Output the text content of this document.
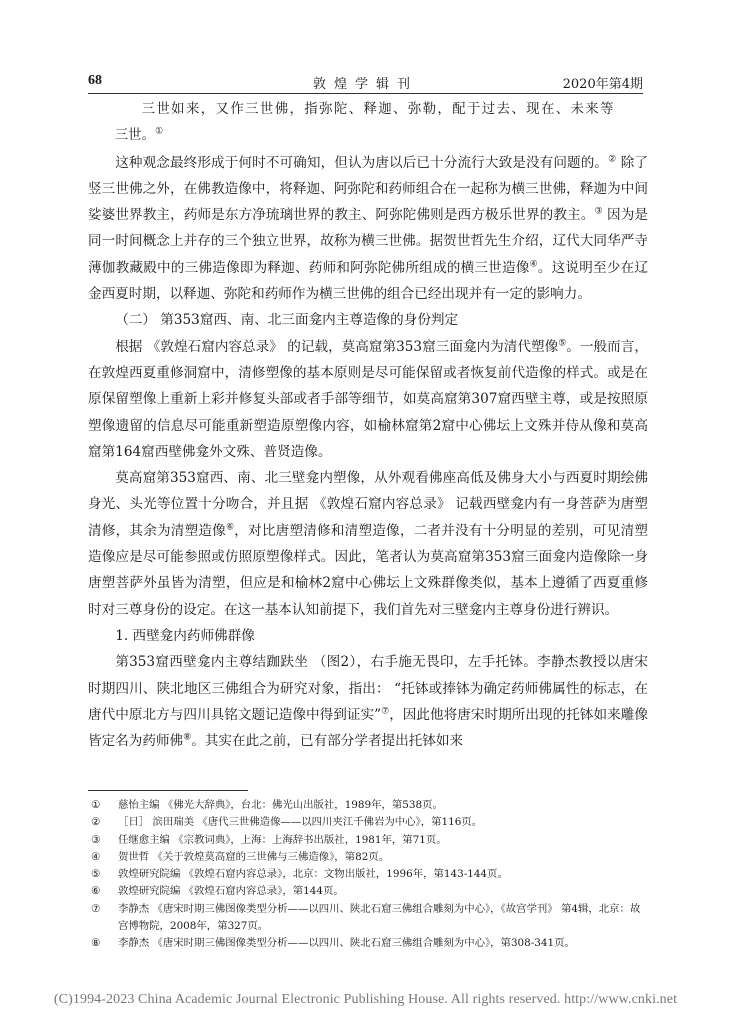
68	敦煌学辑刊	2020年第4期

三世如来，又作三世佛，指弥陀、释迦、弥勒，配于过去、现在、未来等

三世。①

这种观念最终形成于何时不可确知，但认为唐以后已十分流行大致是没有问题的。② 除了竖三世佛之外，在佛教造像中，将释迦、阿弥陀和药师组合在一起称为横三世佛，释迦为中间娑婆世界教主，药师是东方净琉璃世界的教主、阿弥陀佛则是西方极乐世界的教主。③ 因为是同一时间概念上并存的三个独立世界，故称为横三世佛。据贺世哲先生介绍，辽代大同华严寺薄伽教藏殿中的三佛造像即为释迦、药师和阿弥陀佛所组成的横三世造像④。这说明至少在辽金西夏时期，以释迦、弥陀和药师作为横三世佛的组合已经出现并有一定的影响力。

（二） 第353窟西、南、北三面龛内主尊造像的身份判定

根据 《敦煌石窟内容总录》 的记载，莫高窟第353窟三面龛内为清代塑像⑤。一般而言，在敦煌西夏重修洞窟中，清修塑像的基本原则是尽可能保留或者恢复前代造像的样式。或是在原保留塑像上重新上彩并修复头部或者手部等细节，如莫高窟第307窟西壁主尊，或是按照原塑像遗留的信息尽可能重新塑造原塑像内容，如榆林窟第2窟中心佛坛上文殊并侍从像和莫高窟第164窟西壁佛龛外文殊、普贤造像。

莫高窟第353窟西、南、北三壁龛内塑像，从外观看佛座高低及佛身大小与西夏时期绘佛身光、头光等位置十分吻合，并且据 《敦煌石窟内容总录》 记载西壁龛内有一身菩萨为唐塑清修，其余为清塑造像⑥，对比唐塑清修和清塑造像，二者并没有十分明显的差别，可见清塑造像应是尽可能参照或仿照原塑像样式。因此，笔者认为莫高窟第353窟三面龛内造像除一身唐塑菩萨外虽皆为清塑，但应是和榆林2窟中心佛坛上文殊群像类似，基本上遵循了西夏重修时对三尊身份的设定。在这一基本认知前提下，我们首先对三壁龛内主尊身份进行辨识。

1. 西壁龛内药师佛群像

第353窟西壁龛内主尊结跏趺坐 （图2），右手施无畏印，左手托钵。李静杰教授以唐宋时期四川、陕北地区三佛组合为研究对象，指出： “托钵或捧钵为确定药师佛属性的标志，在唐代中原北方与四川具铭文题记造像中得到证实”⑦，因此他将唐宋时期所出现的托钵如来雕像皆定名为药师佛⑧。其实在此之前，已有部分学者提出托钵如来

①	慈怡主编 《佛光大辞典》，台北：佛光山出版社，1989年，第538页。
②	［日］ 滨田瑞美 《唐代三世佛造像——以四川夹江千佛岩为中心》，第116页。
③	任继愈主编 《宗教词典》，上海：上海辞书出版社，1981年，第71页。
④	贺世哲 《关于敦煌莫高窟的三世佛与三佛造像》，第82页。
⑤	敦煌研究院编 《敦煌石窟内容总录》，北京：文物出版社，1996年，第143-144页。
⑥	敦煌研究院编 《敦煌石窟内容总录》，第144页。
⑦	李静杰 《唐宋时期三佛图像类型分析——以四川、陕北石窟三佛组合雕刻为中心》，《故宫学刊》 第4辑，北京：故宫博物院，2008年，第327页。
⑧	李静杰 《唐宋时期三佛图像类型分析——以四川、陕北石窟三佛组合雕刻为中心》，第308-341页。
(C)1994-2023 China Academic Journal Electronic Publishing House. All rights reserved. http://www.cnki.net
